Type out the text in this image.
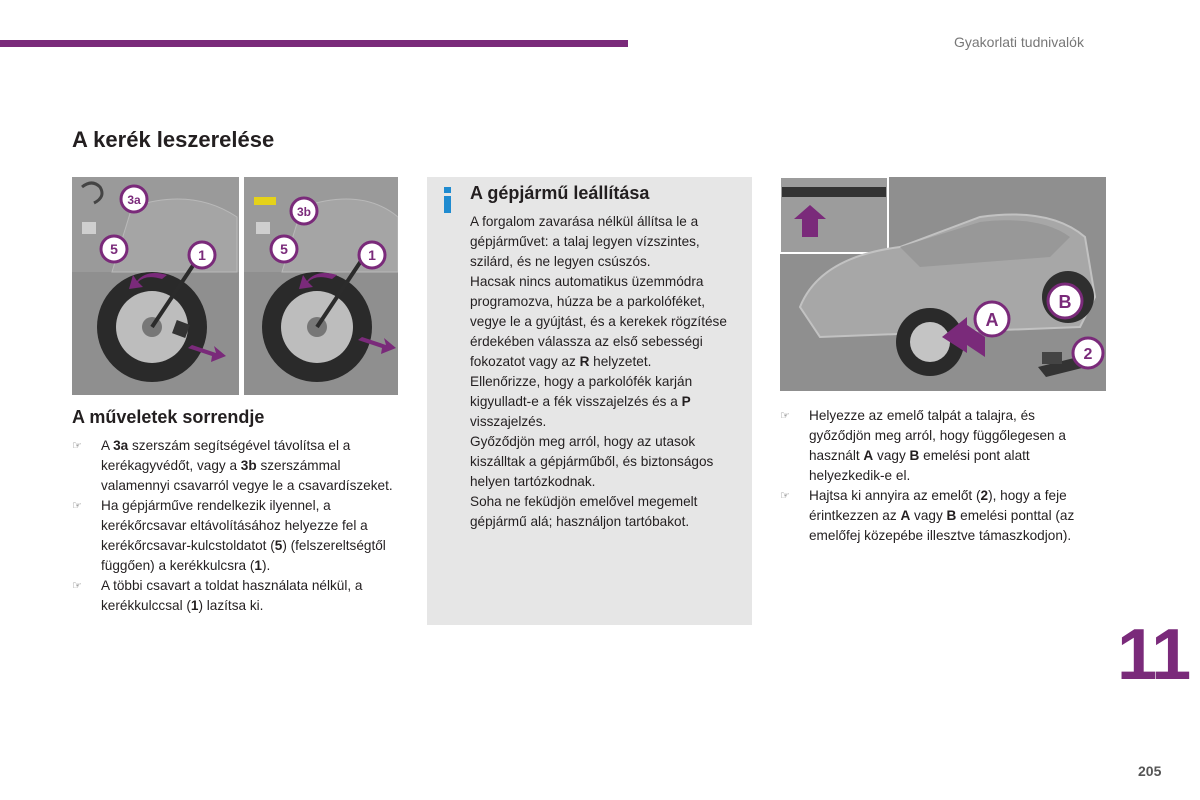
Gyakorlati tudnivalók
A kerék leszerelése
3a
5	1
3b
5	1
A műveletek sorrendje
☞ A 3a szerszám segítségével távolítsa el a kerékagyvédőt, vagy a 3b szerszámmal valamennyi csavarról vegye le a csavardíszeket.
☞ Ha gépjárműve rendelkezik ilyennel, a kerékőrcsavar eltávolításához helyezze fel a kerékőrcsavar-kulcstoldatot (5) (felszereltségtől függően) a kerékkulcsra (1).
☞ A többi csavart a toldat használata nélkül, a kerékkulccsal (1) lazítsa ki.
A gépjármű leállítása
A forgalom zavarása nélkül állítsa le a gépjárművet: a talaj legyen vízszintes, szilárd, és ne legyen csúszós.
Hacsak nincs automatikus üzemmódra programozva, húzza be a parkolóféket, vegye le a gyújtást, és a kerekek rögzítése érdekében válassza az első sebességi fokozatot vagy az R helyzetet.
Ellenőrizze, hogy a parkolófék karján kigyulladt-e a fék visszajelzés és a P visszajelzés.
Győződjön meg arról, hogy az utasok kiszálltak a gépjárműből, és biztonságos helyen tartózkodnak.
Soha ne feküdjön emelővel megemelt gépjármű alá; használjon tartóbakot.
A
B
2
☞ Helyezze az emelő talpát a talajra, és győződjön meg arról, hogy függőlegesen a használt A vagy B emelési pont alatt helyezkedik-e el.
☞ Hajtsa ki annyira az emelőt (2), hogy a feje érintkezzen az A vagy B emelési ponttal (az emelőfej közepébe illesztve támaszkodjon).
11
205
